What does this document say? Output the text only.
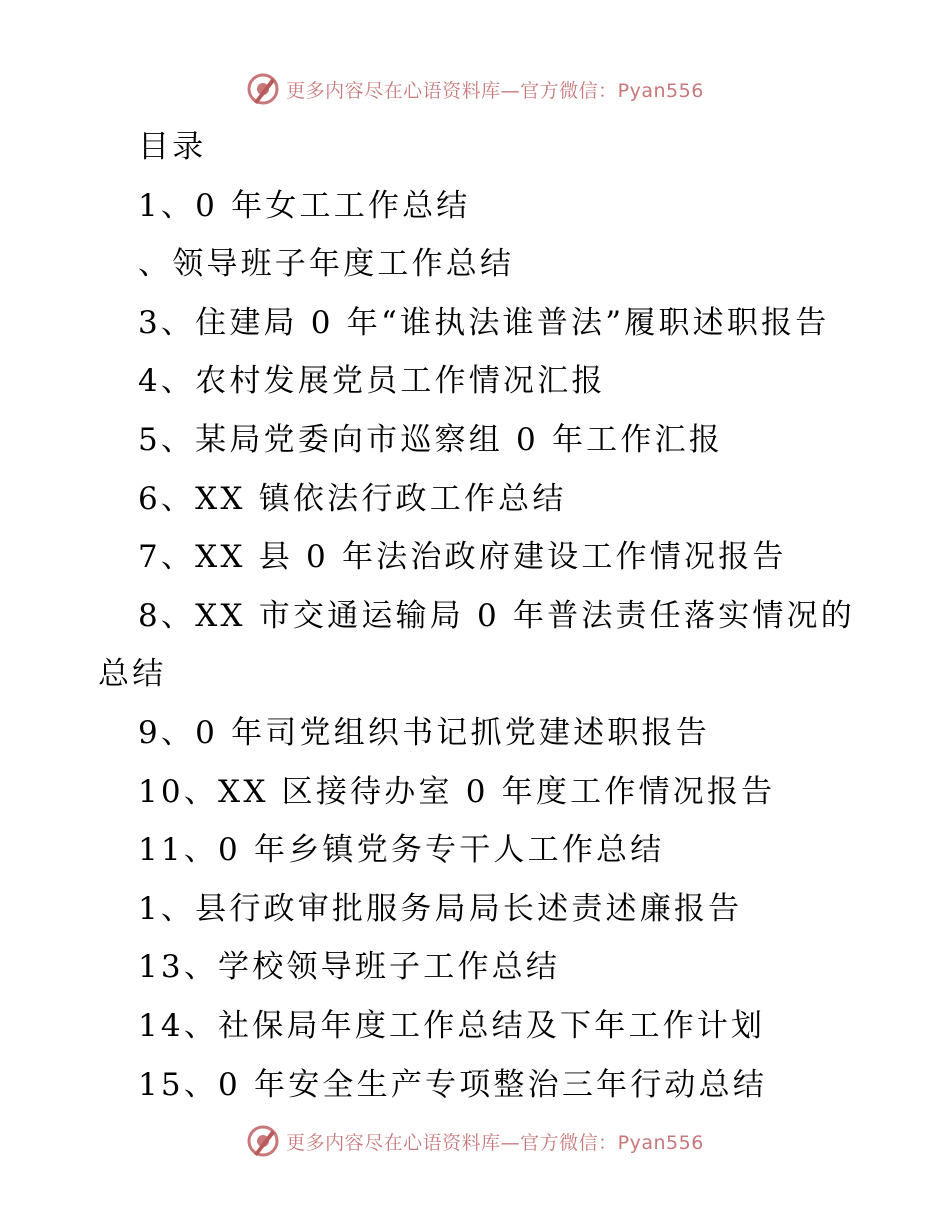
更多内容尽在心语资料库—官方微信：Pyan556
目录
1、0 年女工工作总结
、领导班子年度工作总结
3、住建局 0 年“谁执法谁普法”履职述职报告
4、农村发展党员工作情况汇报
5、某局党委向市巡察组 0 年工作汇报
6、XX 镇依法行政工作总结
7、XX 县 0 年法治政府建设工作情况报告
8、XX 市交通运输局 0 年普法责任落实情况的
总结
9、0 年司党组织书记抓党建述职报告
10、XX 区接待办室 0 年度工作情况报告
11、0 年乡镇党务专干人工作总结
1、县行政审批服务局局长述责述廉报告
13、学校领导班子工作总结
14、社保局年度工作总结及下年工作计划
15、0 年安全生产专项整治三年行动总结
更多内容尽在心语资料库—官方微信：Pyan556
